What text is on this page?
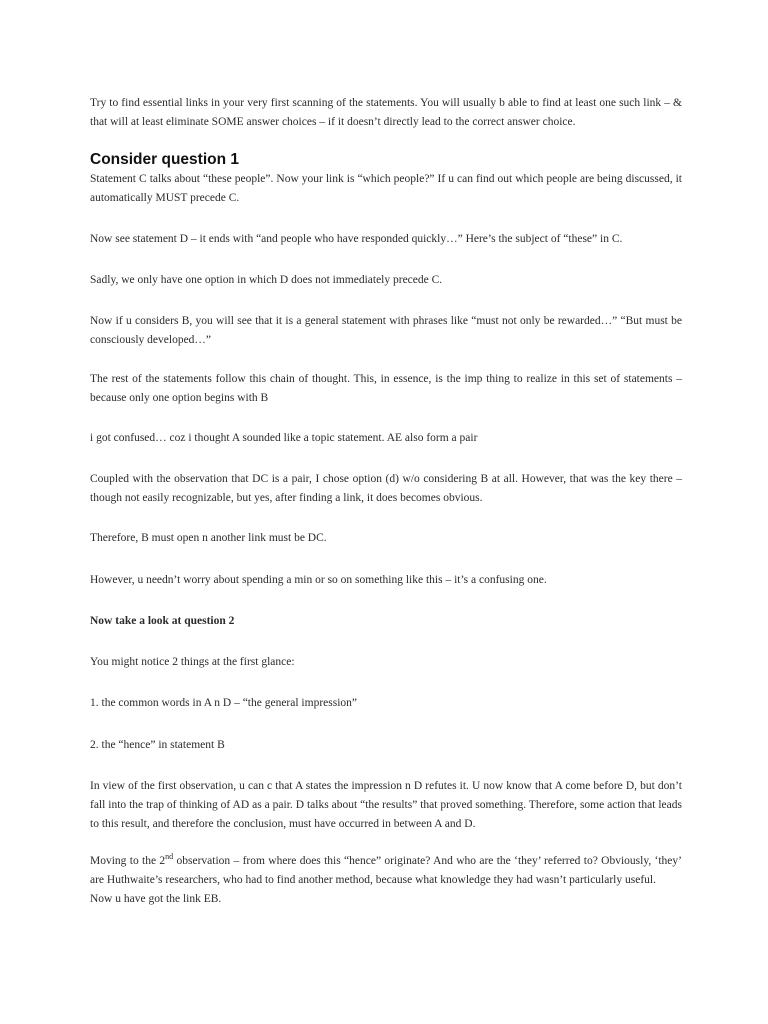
Try to find essential links in your very first scanning of the statements. You will usually b able to find at least one such link – & that will at least eliminate SOME answer choices – if it doesn’t directly lead to the correct answer choice.

Consider question 1

Statement C talks about “these people”. Now your link is “which people?” If u can find out which people are being discussed, it automatically MUST precede C.

Now see statement D – it ends with “and people who have responded quickly…” Here’s the subject of “these” in C.

Sadly, we only have one option in which D does not immediately precede C.

Now if u considers B, you will see that it is a general statement with phrases like “must not only be rewarded…” “But must be consciously developed…”

The rest of the statements follow this chain of thought. This, in essence, is the imp thing to realize in this set of statements – because only one option begins with B

i got confused… coz i thought A sounded like a topic statement. AE also form a pair

Coupled with the observation that DC is a pair, I chose option (d) w/o considering B at all. However, that was the key there – though not easily recognizable, but yes, after finding a link, it does becomes obvious.

Therefore, B must open n another link must be DC.

However, u needn’t worry about spending a min or so on something like this – it’s a confusing one.

Now take a look at question 2

You might notice 2 things at the first glance:

1. the common words in A n D – “the general impression”

2. the “hence” in statement B

In view of the first observation, u can c that A states the impression n D refutes it. U now know that A come before D, but don’t fall into the trap of thinking of AD as a pair. D talks about “the results” that proved something. Therefore, some action that leads to this result, and therefore the conclusion, must have occurred in between A and D.

Moving to the 2nd observation – from where does this “hence” originate? And who are the ‘they’ referred to? Obviously, ‘they’ are Huthwaite’s researchers, who had to find another method, because what knowledge they had wasn’t particularly useful.

Now u have got the link EB.
